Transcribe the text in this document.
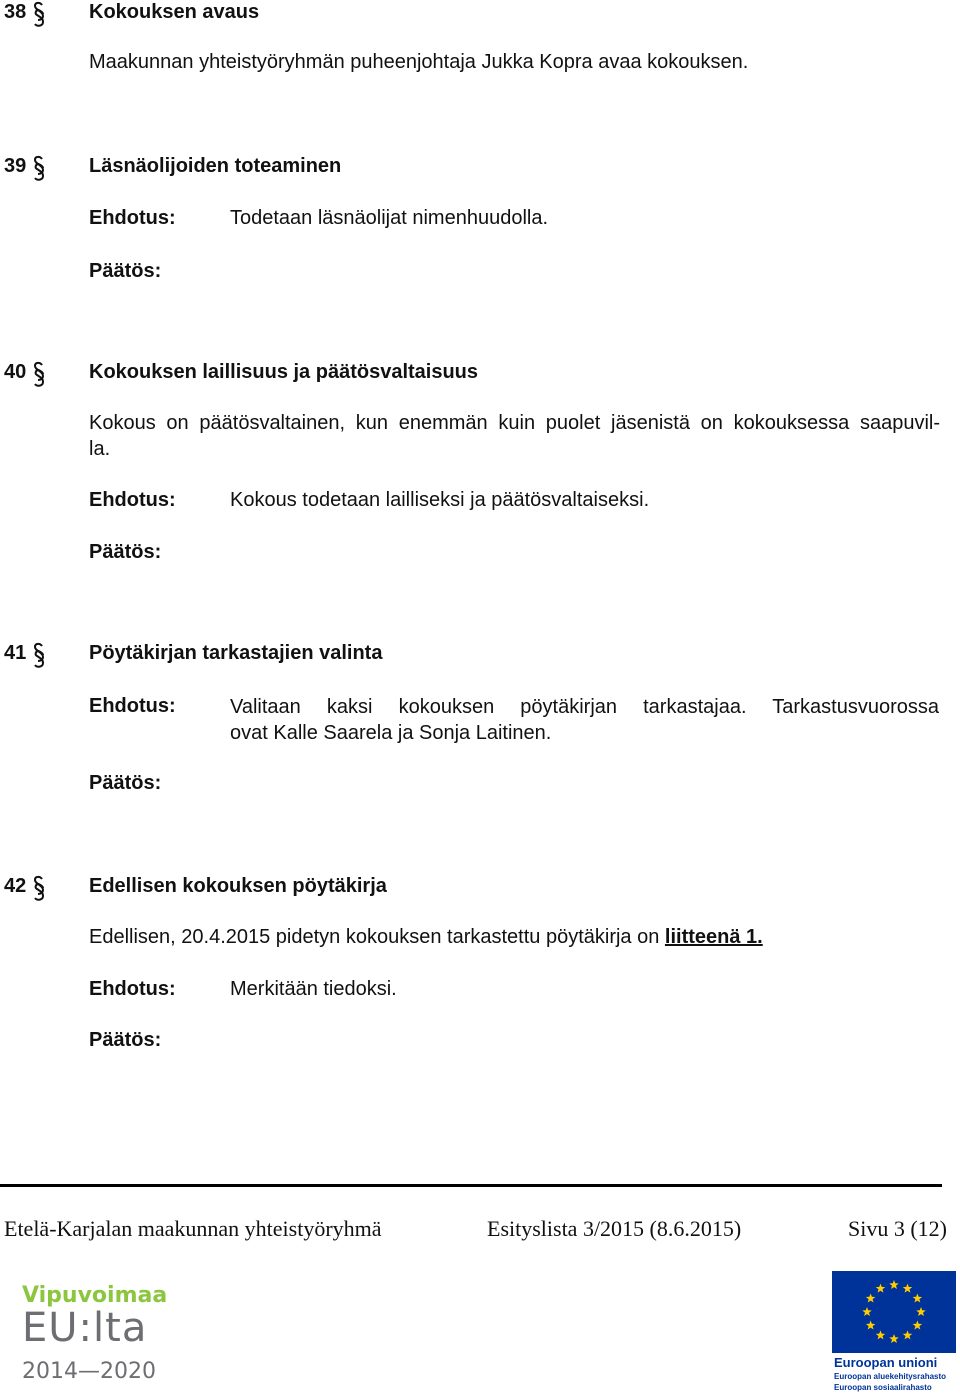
38	Kokouksen avaus
Maakunnan yhteistyöryhmän puheenjohtaja Jukka Kopra avaa kokouksen.
39	Läsnäolijoiden toteaminen
Ehdotus:	Todetaan läsnäolijat nimenhuudolla.
Päätös:
40	Kokouksen laillisuus ja päätösvaltaisuus
Kokous on päätösvaltainen, kun enemmän kuin puolet jäsenistä on kokouksessa saapuvil-
la.
Ehdotus:	Kokous todetaan lailliseksi ja päätösvaltaiseksi.
Päätös:
41	Pöytäkirjan tarkastajien valinta
Ehdotus:	Valitaan kaksi kokouksen pöytäkirjan tarkastajaa. Tarkastusvuorossa
ovat Kalle Saarela ja Sonja Laitinen.
Päätös:
42	Edellisen kokouksen pöytäkirja
Edellisen, 20.4.2015 pidetyn kokouksen tarkastettu pöytäkirja on liitteenä 1.
Ehdotus:	Merkitään tiedoksi.
Päätös:
Etelä-Karjalan maakunnan yhteistyöryhmä	Esityslista 3/2015 (8.6.2015)	Sivu 3 (12)
Vipuvoimaa
EU:lta
2014—2020	Euroopan unioni
Euroopan aluekehitysrahasto
Euroopan sosiaalirahasto
